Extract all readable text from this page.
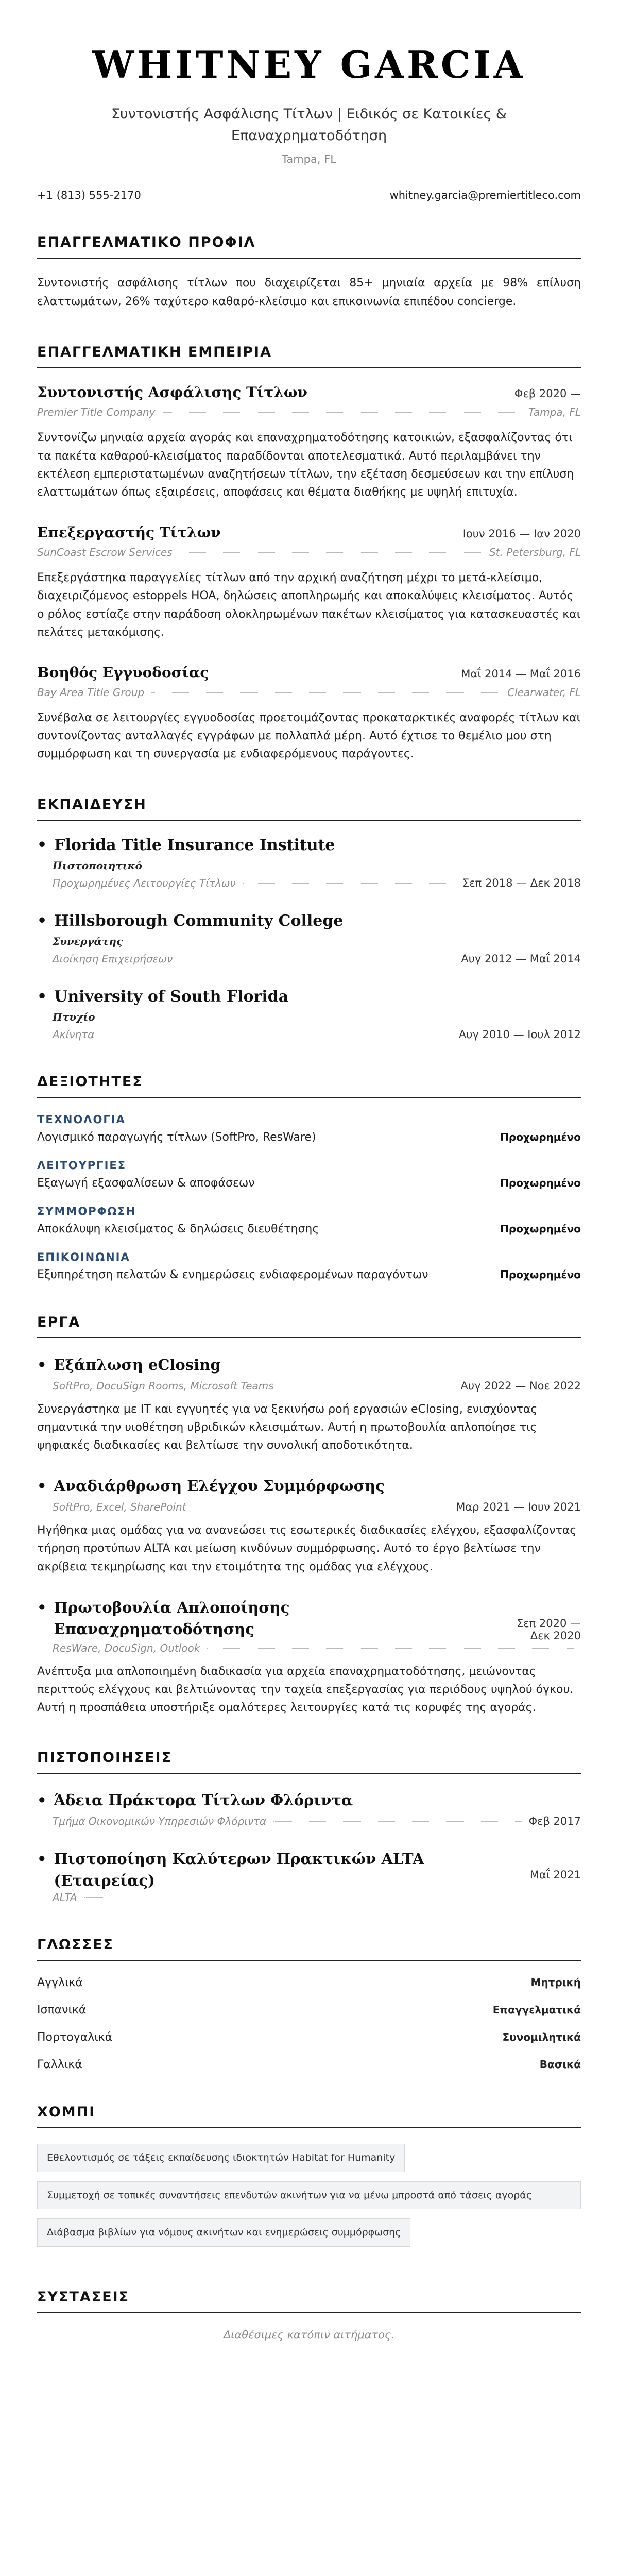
WHITNEY GARCIA
Συντονιστής Ασφάλισης Τίτλων | Ειδικός σε Κατοικίες & Επαναχρηματοδότηση
Tampa, FL
+1 (813) 555-2170	whitney.garcia@premiertitleco.com
ΕΠΑΓΓΕΛΜΑΤΙΚΟ ΠΡΟΦΙΛ

Συντονιστής ασφάλισης τίτλων που διαχειρίζεται 85+ μηνιαία αρχεία με 98% επίλυση ελαττωμάτων, 26% ταχύτερο καθαρό-κλείσιμο και επικοινωνία επιπέδου concierge.

ΕΠΑΓΓΕΛΜΑΤΙΚΗ ΕΜΠΕΙΡΙΑ
Συντονιστής Ασφάλισης Τίτλων	Φεβ 2020 —
Premier Title Company	Tampa, FL

Συντονίζω μηνιαία αρχεία αγοράς και επαναχρηματοδότησης κατοικιών, εξασφαλίζοντας ότι τα πακέτα καθαρού-κλεισίματος παραδίδονται αποτελεσματικά. Αυτό περιλαμβάνει την εκτέλεση εμπεριστατωμένων αναζητήσεων τίτλων, την εξέταση δεσμεύσεων και την επίλυση ελαττωμάτων όπως εξαιρέσεις, αποφάσεις και θέματα διαθήκης με υψηλή επιτυχία.

Επεξεργαστής Τίτλων	Ιουν 2016 — Ιαν 2020
SunCoast Escrow Services	St. Petersburg, FL

Επεξεργάστηκα παραγγελίες τίτλων από την αρχική αναζήτηση μέχρι το μετά-κλείσιμο, διαχειριζόμενος estoppels HOA, δηλώσεις αποπληρωμής και αποκαλύψεις κλεισίματος. Αυτός ο ρόλος εστίαζε στην παράδοση ολοκληρωμένων πακέτων κλεισίματος για κατασκευαστές και πελάτες μετακόμισης.

Βοηθός Εγγυοδοσίας	Μαΐ 2014 — Μαΐ 2016
Bay Area Title Group	Clearwater, FL

Συνέβαλα σε λειτουργίες εγγυοδοσίας προετοιμάζοντας προκαταρκτικές αναφορές τίτλων και συντονίζοντας ανταλλαγές εγγράφων με πολλαπλά μέρη. Αυτό έχτισε το θεμέλιο μου στη συμμόρφωση και τη συνεργασία με ενδιαφερόμενους παράγοντες.

ΕΚΠΑΙΔΕΥΣΗ
• Florida Title Insurance Institute
Πιστοποιητικό
Προχωρημένες Λειτουργίες Τίτλων	Σεπ 2018 — Δεκ 2018
• Hillsborough Community College
Συνεργάτης
Διοίκηση Επιχειρήσεων	Αυγ 2012 — Μαΐ 2014
• University of South Florida
Πτυχίο
Ακίνητα	Αυγ 2010 — Ιουλ 2012
ΔΕΞΙΟΤΗΤΕΣ
ΤΕΧΝΟΛΟΓΙΑ
Λογισμικό παραγωγής τίτλων (SoftPro, ResWare)	Προχωρημένο
ΛΕΙΤΟΥΡΓΙΕΣ
Εξαγωγή εξασφαλίσεων & αποφάσεων	Προχωρημένο
ΣΥΜΜΟΡΦΩΣΗ
Αποκάλυψη κλεισίματος & δηλώσεις διευθέτησης	Προχωρημένο
ΕΠΙΚΟΙΝΩΝΙΑ
Εξυπηρέτηση πελατών & ενημερώσεις ενδιαφερομένων παραγόντων	Προχωρημένο
ΕΡΓΑ
• Εξάπλωση eClosing
SoftPro, DocuSign Rooms, Microsoft Teams	Αυγ 2022 — Νοε 2022

Συνεργάστηκα με IT και εγγυητές για να ξεκινήσω ροή εργασιών eClosing, ενισχύοντας σημαντικά την υιοθέτηση υβριδικών κλεισιμάτων. Αυτή η πρωτοβουλία απλοποίησε τις ψηφιακές διαδικασίες και βελτίωσε την συνολική αποδοτικότητα.

• Αναδιάρθρωση Ελέγχου Συμμόρφωσης
SoftPro, Excel, SharePoint	Μαρ 2021 — Ιουν 2021

Ηγήθηκα μιας ομάδας για να ανανεώσει τις εσωτερικές διαδικασίες ελέγχου, εξασφαλίζοντας τήρηση προτύπων ALTA και μείωση κινδύνων συμμόρφωσης. Αυτό το έργο βελτίωσε την ακρίβεια τεκμηρίωσης και την ετοιμότητα της ομάδας για ελέγχους.

• Πρωτοβουλία Απλοποίησης Επαναχρηματοδότησης	Σεπ 2020 — Δεκ 2020
ResWare, DocuSign, Outlook

Ανέπτυξα μια απλοποιημένη διαδικασία για αρχεία επαναχρηματοδότησης, μειώνοντας περιττούς ελέγχους και βελτιώνοντας την ταχεία επεξεργασίας για περιόδους υψηλού όγκου. Αυτή η προσπάθεια υποστήριξε ομαλότερες λειτουργίες κατά τις κορυφές της αγοράς.

ΠΙΣΤΟΠΟΙΗΣΕΙΣ
• Άδεια Πράκτορα Τίτλων Φλόριντα
Τμήμα Οικονομικών Υπηρεσιών Φλόριντα	Φεβ 2017
• Πιστοποίηση Καλύτερων Πρακτικών ALTA (Εταιρείας)	Μαΐ 2021
ALTA
ΓΛΩΣΣΕΣ
Αγγλικά	Μητρική
Ισπανικά	Επαγγελματικά
Πορτογαλικά	Συνομιλητικά
Γαλλικά	Βασικά
ΧΟΜΠΙ
Εθελοντισμός σε τάξεις εκπαίδευσης ιδιοκτητών Habitat for Humanity
Συμμετοχή σε τοπικές συναντήσεις επενδυτών ακινήτων για να μένω μπροστά από τάσεις αγοράς
Διάβασμα βιβλίων για νόμους ακινήτων και ενημερώσεις συμμόρφωσης
ΣΥΣΤΑΣΕΙΣ
Διαθέσιμες κατόπιν αιτήματος.
